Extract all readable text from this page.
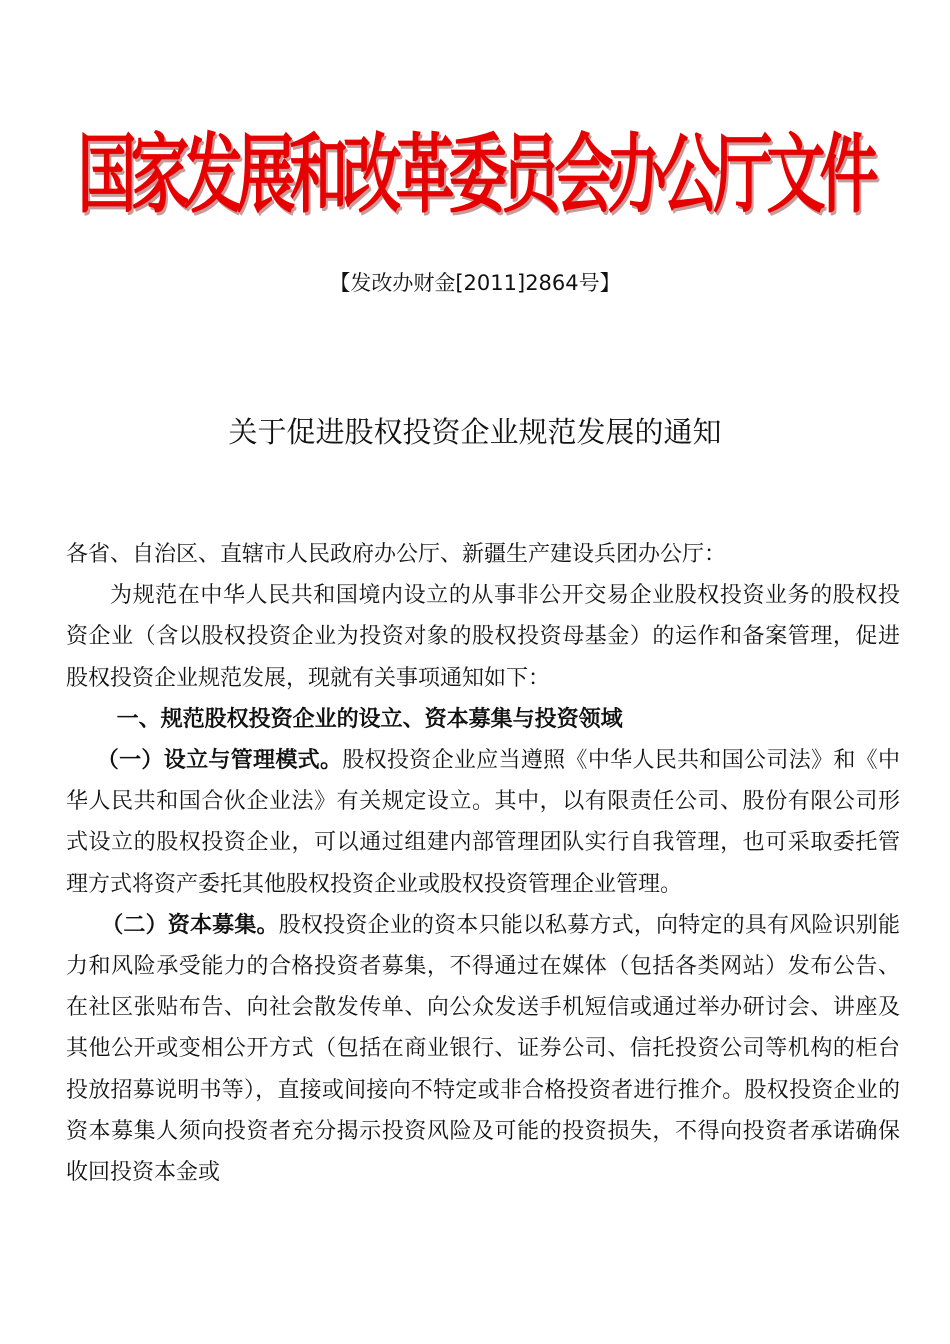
国家发展和改革委员会办公厅文件
【发改办财金[2011]2864号】
关于促进股权投资企业规范发展的通知

各省、自治区、直辖市人民政府办公厅、新疆生产建设兵团办公厅：

为规范在中华人民共和国境内设立的从事非公开交易企业股权投资业务的股权投资企业（含以股权投资企业为投资对象的股权投资母基金）的运作和备案管理，促进股权投资企业规范发展，现就有关事项通知如下：

一、规范股权投资企业的设立、资本募集与投资领域

（一）设立与管理模式。股权投资企业应当遵照《中华人民共和国公司法》和《中华人民共和国合伙企业法》有关规定设立。其中，以有限责任公司、股份有限公司形式设立的股权投资企业，可以通过组建内部管理团队实行自我管理，也可采取委托管理方式将资产委托其他股权投资企业或股权投资管理企业管理。

（二）资本募集。股权投资企业的资本只能以私募方式，向特定的具有风险识别能力和风险承受能力的合格投资者募集，不得通过在媒体（包括各类网站）发布公告、在社区张贴布告、向社会散发传单、向公众发送手机短信或通过举办研讨会、讲座及其他公开或变相公开方式（包括在商业银行、证券公司、信托投资公司等机构的柜台投放招募说明书等），直接或间接向不特定或非合格投资者进行推介。股权投资企业的资本募集人须向投资者充分揭示投资风险及可能的投资损失，不得向投资者承诺确保收回投资本金或
